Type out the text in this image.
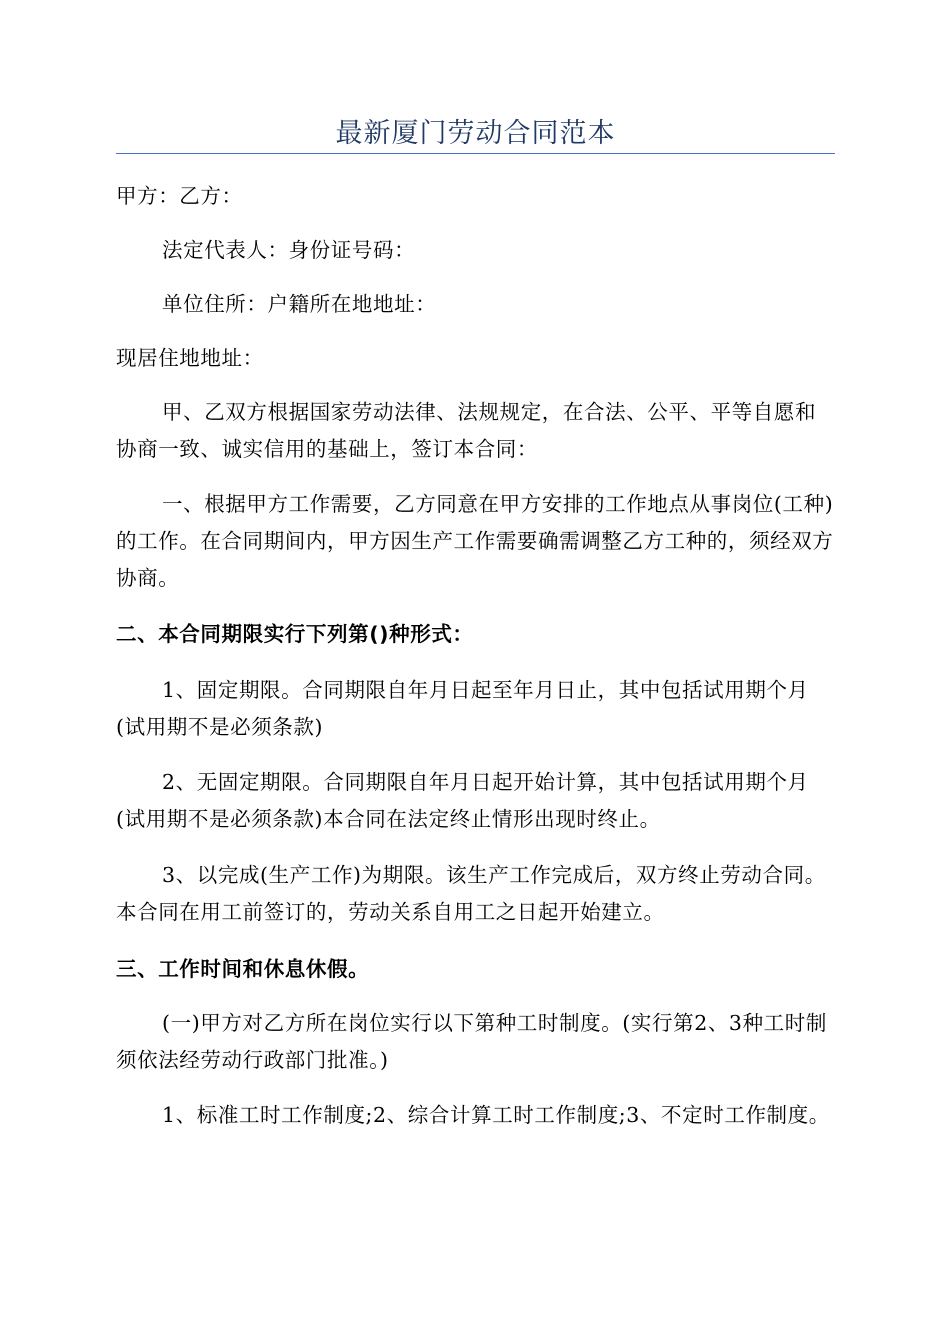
最新厦门劳动合同范本

甲方：乙方：

法定代表人：身份证号码：

单位住所：户籍所在地地址：

现居住地地址：

甲、乙双方根据国家劳动法律、法规规定，在合法、公平、平等自愿和协商一致、诚实信用的基础上，签订本合同：

一、根据甲方工作需要，乙方同意在甲方安排的工作地点从事岗位(工种)的工作。在合同期间内，甲方因生产工作需要确需调整乙方工种的，须经双方协商。

二、本合同期限实行下列第()种形式：

1、固定期限。合同期限自年月日起至年月日止，其中包括试用期个月(试用期不是必须条款)

2、无固定期限。合同期限自年月日起开始计算，其中包括试用期个月(试用期不是必须条款)本合同在法定终止情形出现时终止。

3、以完成(生产工作)为期限。该生产工作完成后，双方终止劳动合同。本合同在用工前签订的，劳动关系自用工之日起开始建立。

三、工作时间和休息休假。

(一)甲方对乙方所在岗位实行以下第种工时制度。(实行第2、3种工时制须依法经劳动行政部门批准。)

1、标准工时工作制度;2、综合计算工时工作制度;3、不定时工作制度。
